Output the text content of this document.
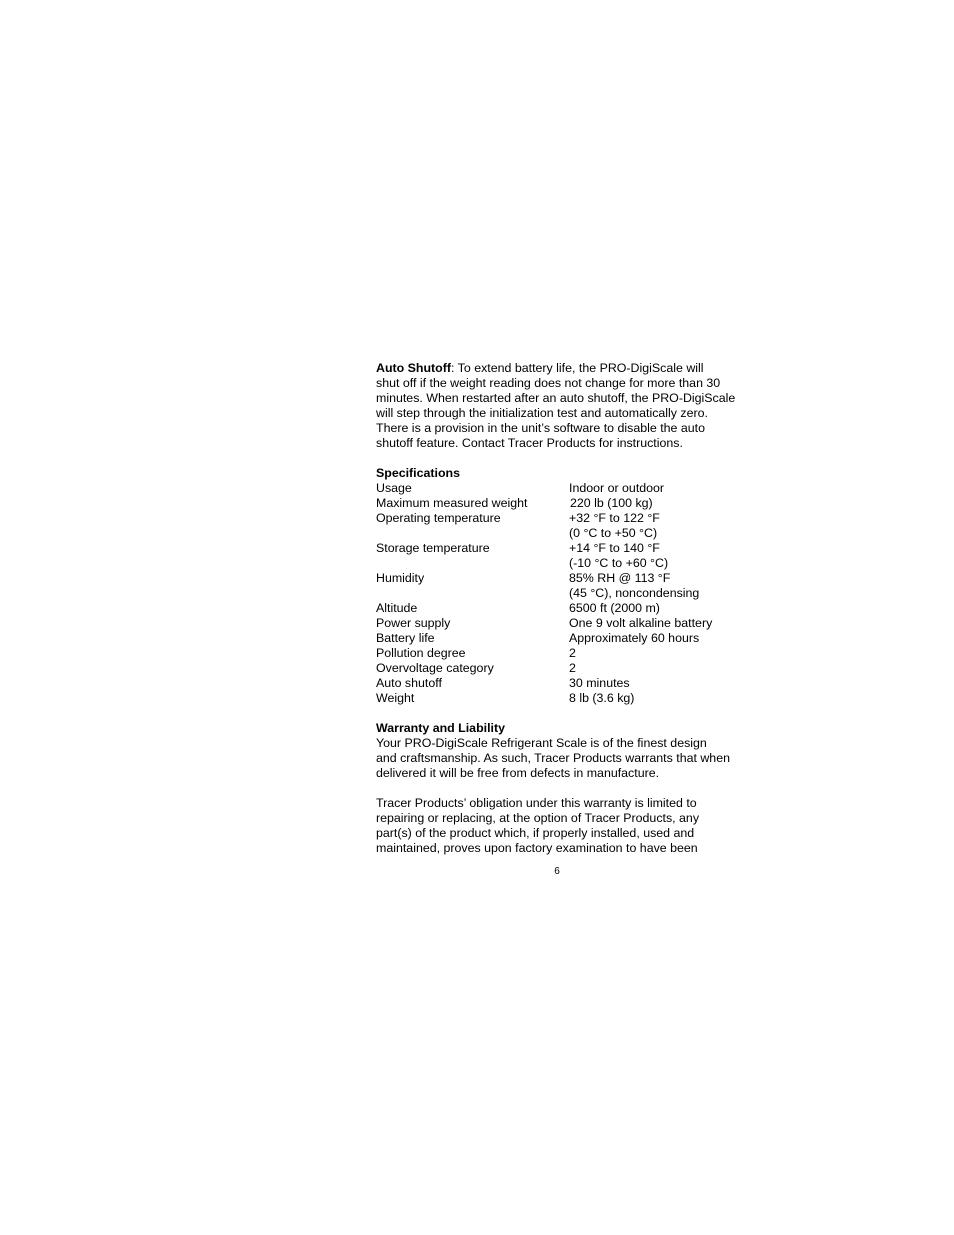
Auto Shutoff: To extend battery life, the PRO-DigiScale will

shut off if the weight reading does not change for more than 30

minutes. When restarted after an auto shutoff, the PRO-DigiScale

will step through the initialization test and automatically zero.

There is a provision in the unit’s software to disable the auto

shutoff feature. Contact Tracer Products for instructions.

Specifications

Usage	Indoor or outdoor
Maximum measured weight	220 lb (100 kg)
Operating temperature	+32 °F to 122 °F
(0 °C to +50 °C)
Storage temperature	+14 °F to 140 °F
(-10 °C to +60 °C)
Humidity	85% RH @ 113 °F
(45 °C), noncondensing
Altitude	6500 ft (2000 m)
Power supply	One 9 volt alkaline battery
Battery life	Approximately 60 hours
Pollution degree	2
Overvoltage category	2
Auto shutoff	30 minutes
Weight	8 lb (3.6 kg)

Warranty and Liability

Your PRO-DigiScale Refrigerant Scale is of the finest design

and craftsmanship. As such, Tracer Products warrants that when

delivered it will be free from defects in manufacture.

Tracer Products’ obligation under this warranty is limited to

repairing or replacing, at the option of Tracer Products, any

part(s) of the product which, if properly installed, used and

maintained, proves upon factory examination to have been

6
